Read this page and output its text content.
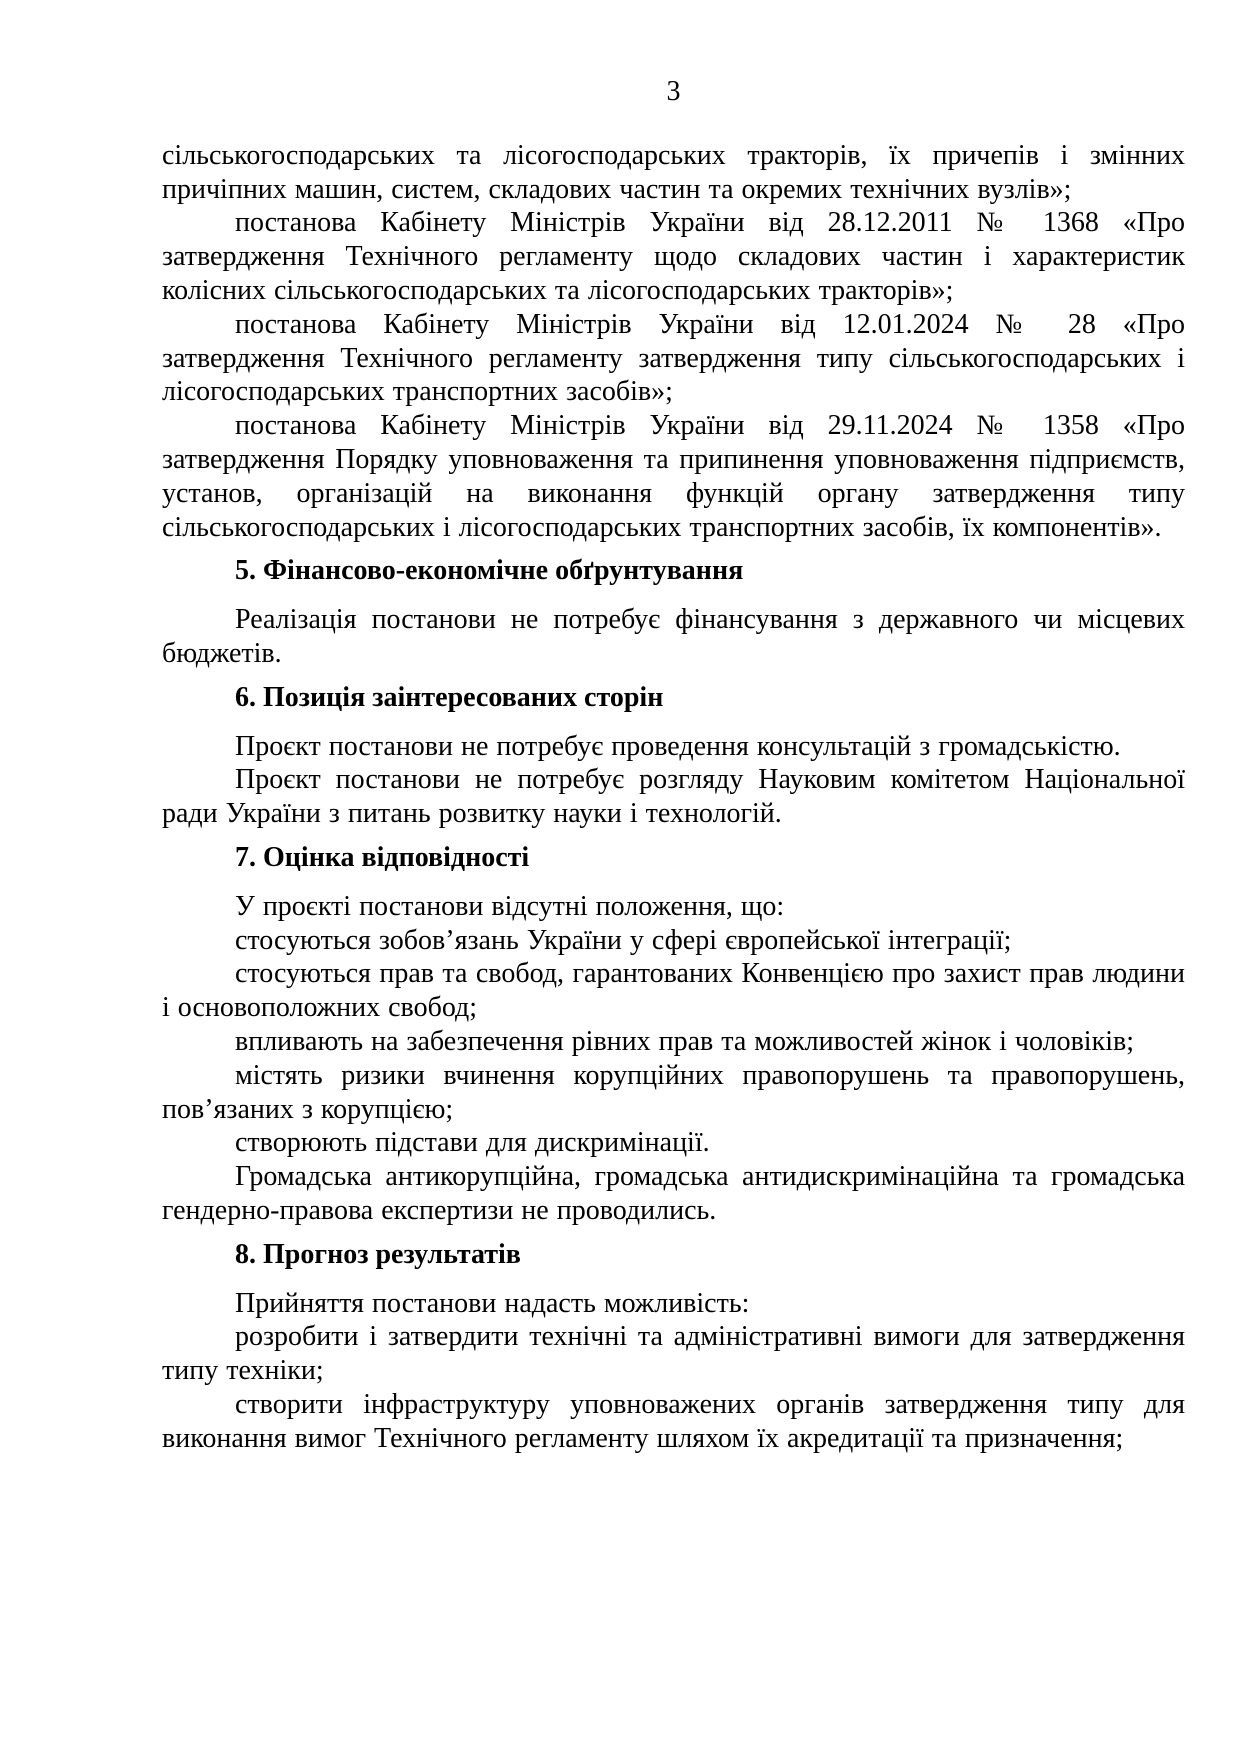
3

сільськогосподарських та лісогосподарських тракторів, їх причепів і змінних причіпних машин, систем, складових частин та окремих технічних вузлів»;

постанова Кабінету Міністрів України від 28.12.2011 № 1368 «Про затвердження Технічного регламенту щодо складових частин і характеристик колісних сільськогосподарських та лісогосподарських тракторів»;

постанова Кабінету Міністрів України від 12.01.2024 № 28 «Про затвердження Технічного регламенту затвердження типу сільськогосподарських і лісогосподарських транспортних засобів»;

постанова Кабінету Міністрів України від 29.11.2024 № 1358 «Про затвердження Порядку уповноваження та припинення уповноваження підприємств, установ, організацій на виконання функцій органу затвердження типу сільськогосподарських і лісогосподарських транспортних засобів, їх компонентів».

5. Фінансово-економічне обґрунтування

Реалізація постанови не потребує фінансування з державного чи місцевих бюджетів.

6. Позиція заінтересованих сторін

Проєкт постанови не потребує проведення консультацій з громадськістю.

Проєкт постанови не потребує розгляду Науковим комітетом Національної ради України з питань розвитку науки і технологій.

7. Оцінка відповідності

У проєкті постанови відсутні положення, що:

стосуються зобов’язань України у сфері європейської інтеграції;

стосуються прав та свобод, гарантованих Конвенцією про захист прав людини і основоположних свобод;

впливають на забезпечення рівних прав та можливостей жінок і чоловіків;

містять ризики вчинення корупційних правопорушень та правопорушень, пов’язаних з корупцією;

створюють підстави для дискримінації.

Громадська антикорупційна, громадська антидискримінаційна та громадська гендерно-правова експертизи не проводились.

8. Прогноз результатів

Прийняття постанови надасть можливість:

розробити і затвердити технічні та адміністративні вимоги для затвердження типу техніки;

створити інфраструктуру уповноважених органів затвердження типу для виконання вимог Технічного регламенту шляхом їх акредитації та призначення;
